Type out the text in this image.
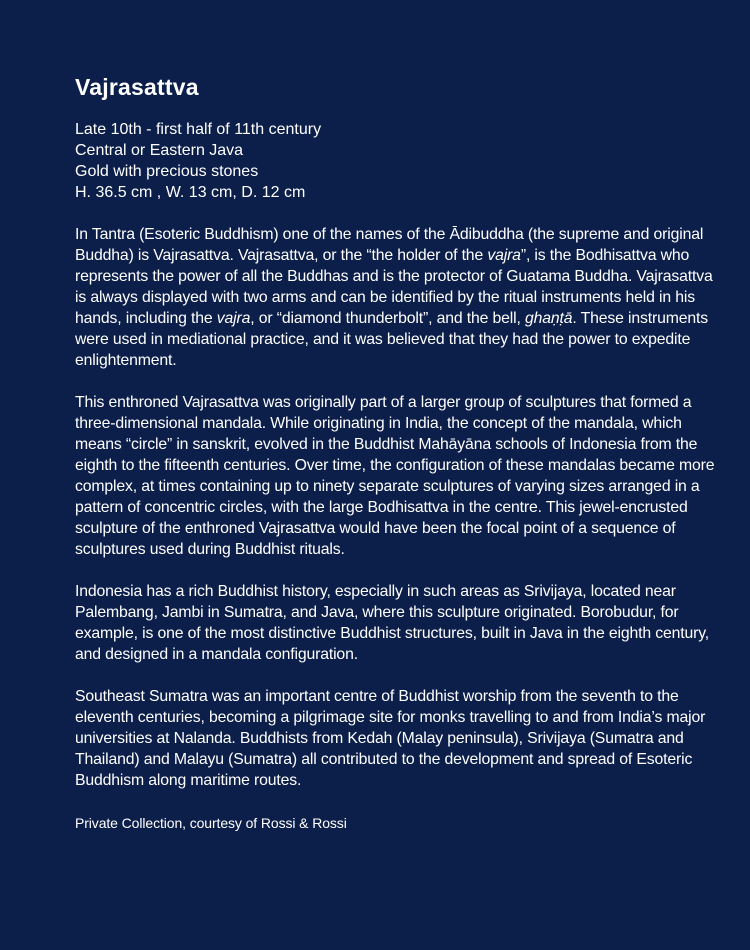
Vajrasattva
Late 10th - first half of 11th century
Central or Eastern Java
Gold with precious stones
H. 36.5 cm , W. 13 cm, D. 12 cm

In Tantra (Esoteric Buddhism) one of the names of the Ādibuddha (the supreme and original Buddha) is Vajrasattva. Vajrasattva, or the “the holder of the vajra”, is the Bodhisattva who represents the power of all the Buddhas and is the protector of Guatama Buddha. Vajrasattva is always displayed with two arms and can be identified by the ritual instruments held in his hands, including the vajra, or “diamond thunderbolt”, and the bell, ghaṇṭā. These instruments were used in mediational practice, and it was believed that they had the power to expedite enlightenment.

This enthroned Vajrasattva was originally part of a larger group of sculptures that formed a three-dimensional mandala. While originating in India, the concept of the mandala, which means “circle” in sanskrit, evolved in the Buddhist Mahāyāna schools of Indonesia from the eighth to the fifteenth centuries. Over time, the configuration of these mandalas became more complex, at times containing up to ninety separate sculptures of varying sizes arranged in a pattern of concentric circles, with the large Bodhisattva in the centre. This jewel-encrusted sculpture of the enthroned Vajrasattva would have been the focal point of a sequence of sculptures used during Buddhist rituals.

Indonesia has a rich Buddhist history, especially in such areas as Srivijaya, located near Palembang, Jambi in Sumatra, and Java, where this sculpture originated. Borobudur, for example, is one of the most distinctive Buddhist structures, built in Java in the eighth century, and designed in a mandala configuration.

Southeast Sumatra was an important centre of Buddhist worship from the seventh to the eleventh centuries, becoming a pilgrimage site for monks travelling to and from India’s major universities at Nalanda. Buddhists from Kedah (Malay peninsula), Srivijaya (Sumatra and Thailand) and Malayu (Sumatra) all contributed to the development and spread of Esoteric Buddhism along maritime routes.

Private Collection, courtesy of Rossi & Rossi
